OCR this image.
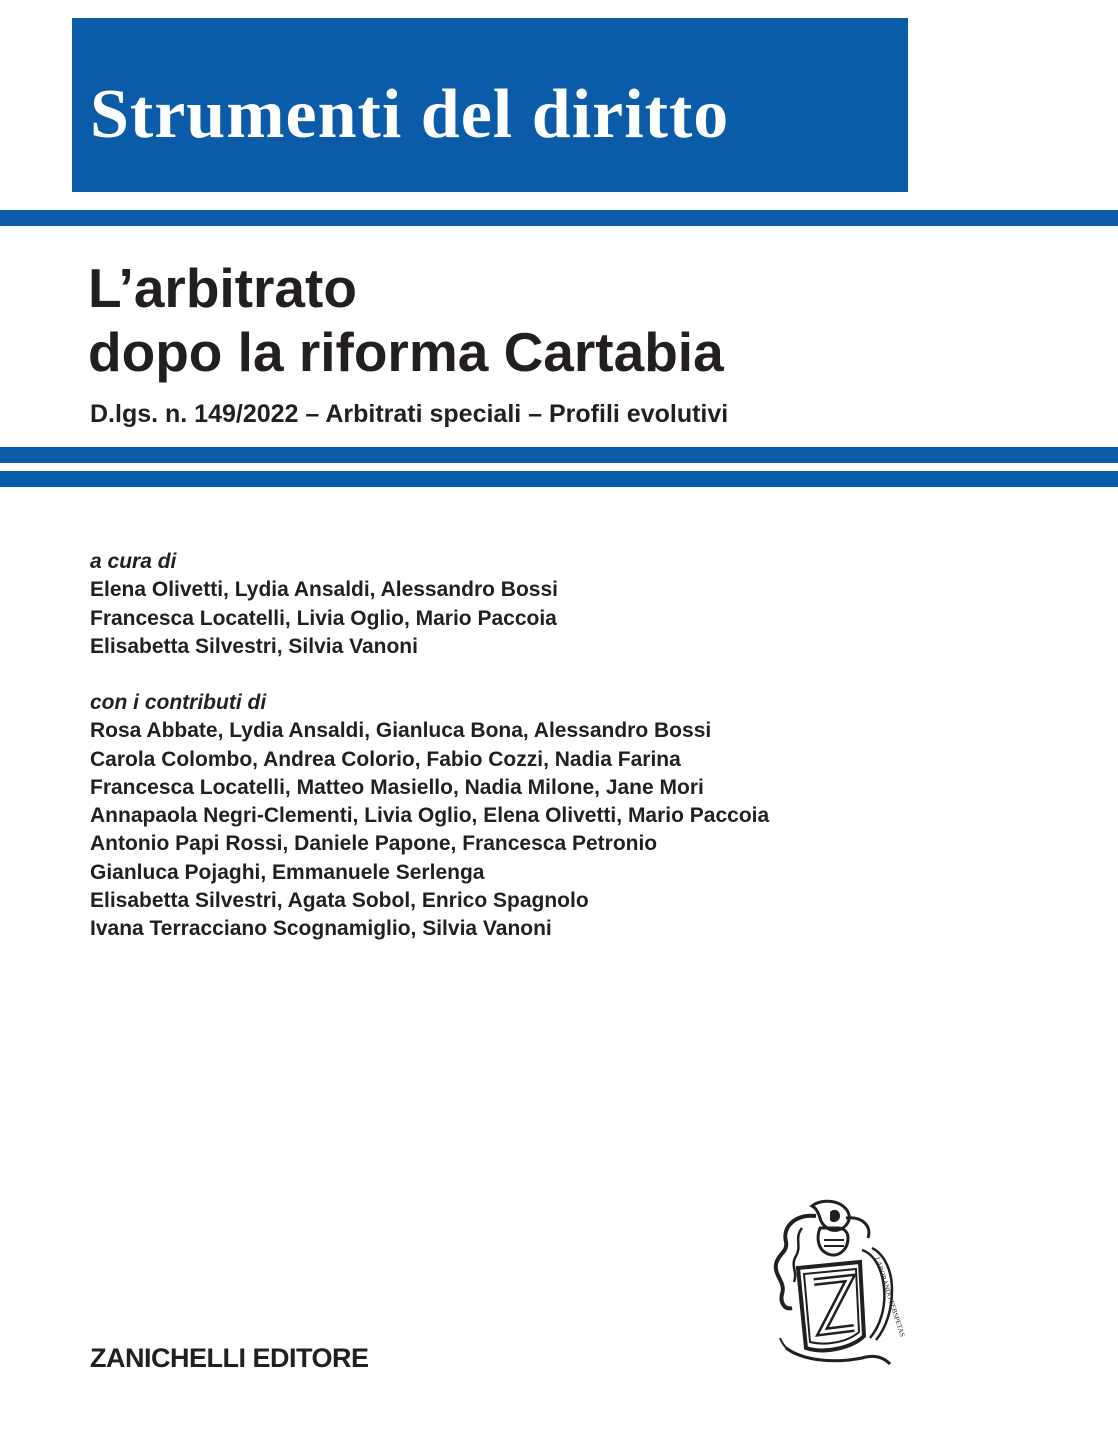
Strumenti del diritto
L’arbitrato
dopo la riforma Cartabia
D.lgs. n. 149/2022 – Arbitrati speciali – Profili evolutivi
a cura di
Elena Olivetti, Lydia Ansaldi, Alessandro Bossi
Francesca Locatelli, Livia Oglio, Mario Paccoia
Elisabetta Silvestri, Silvia Vanoni
con i contributi di
Rosa Abbate, Lydia Ansaldi, Gianluca Bona, Alessandro Bossi
Carola Colombo, Andrea Colorio, Fabio Cozzi, Nadia Farina
Francesca Locatelli, Matteo Masiello, Nadia Milone, Jane Mori
Annapaola Negri-Clementi, Livia Oglio, Elena Olivetti, Mario Paccoia
Antonio Papi Rossi, Daniele Papone, Francesca Petronio
Gianluca Pojaghi, Emmanuele Serlenga
Elisabetta Silvestri, Agata Sobol, Enrico Spagnolo
Ivana Terracciano Scognamiglio, Silvia Vanoni
ZANICHELLI EDITORE
LABORANDO FEBSPETAS
